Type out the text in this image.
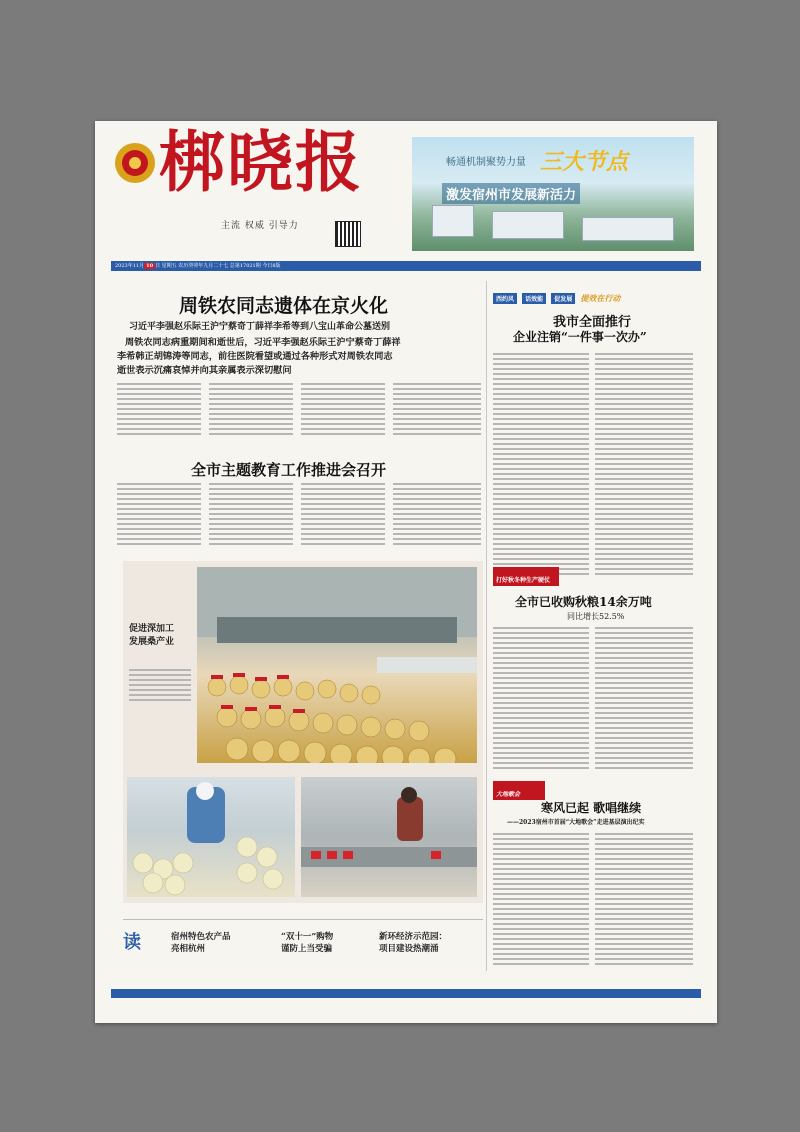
梆晓报
主流 权威 引导力
畅通机制聚势力量 三大节点
激发宿州市发展新活力
2023年11月 10 日 星期五 农历癸卯年九月二十七 总第17021期 今日8版
周铁农同志遗体在京火化
习近平李强赵乐际王沪宁蔡奇丁薛祥李希等到八宝山革命公墓送别
周铁农同志病重期间和逝世后，习近平李强赵乐际王沪宁蔡奇丁薛祥
李希韩正胡锦涛等同志，前往医院看望或通过各种形式对周铁农同志
逝世表示沉痛哀悼并向其亲属表示深切慰问
全市主题教育工作推进会召开
促进深加工
发展桑产业
读	宿州特色农产品
亮相杭州
“双十一”购物
谨防上当受骗
新环经济示范园：
项目建设热潮涌
西约风 话效能 促发展 提效在行动
我市全面推行
企业注销“一件事一次办”
打好秋冬种生产硬仗
全市已收购秋粮14余万吨
同比增长52.5%
大地歌会
寒风已起 歌唱继续
——2023宿州市首届“大地歌会”走进基层演出纪实
